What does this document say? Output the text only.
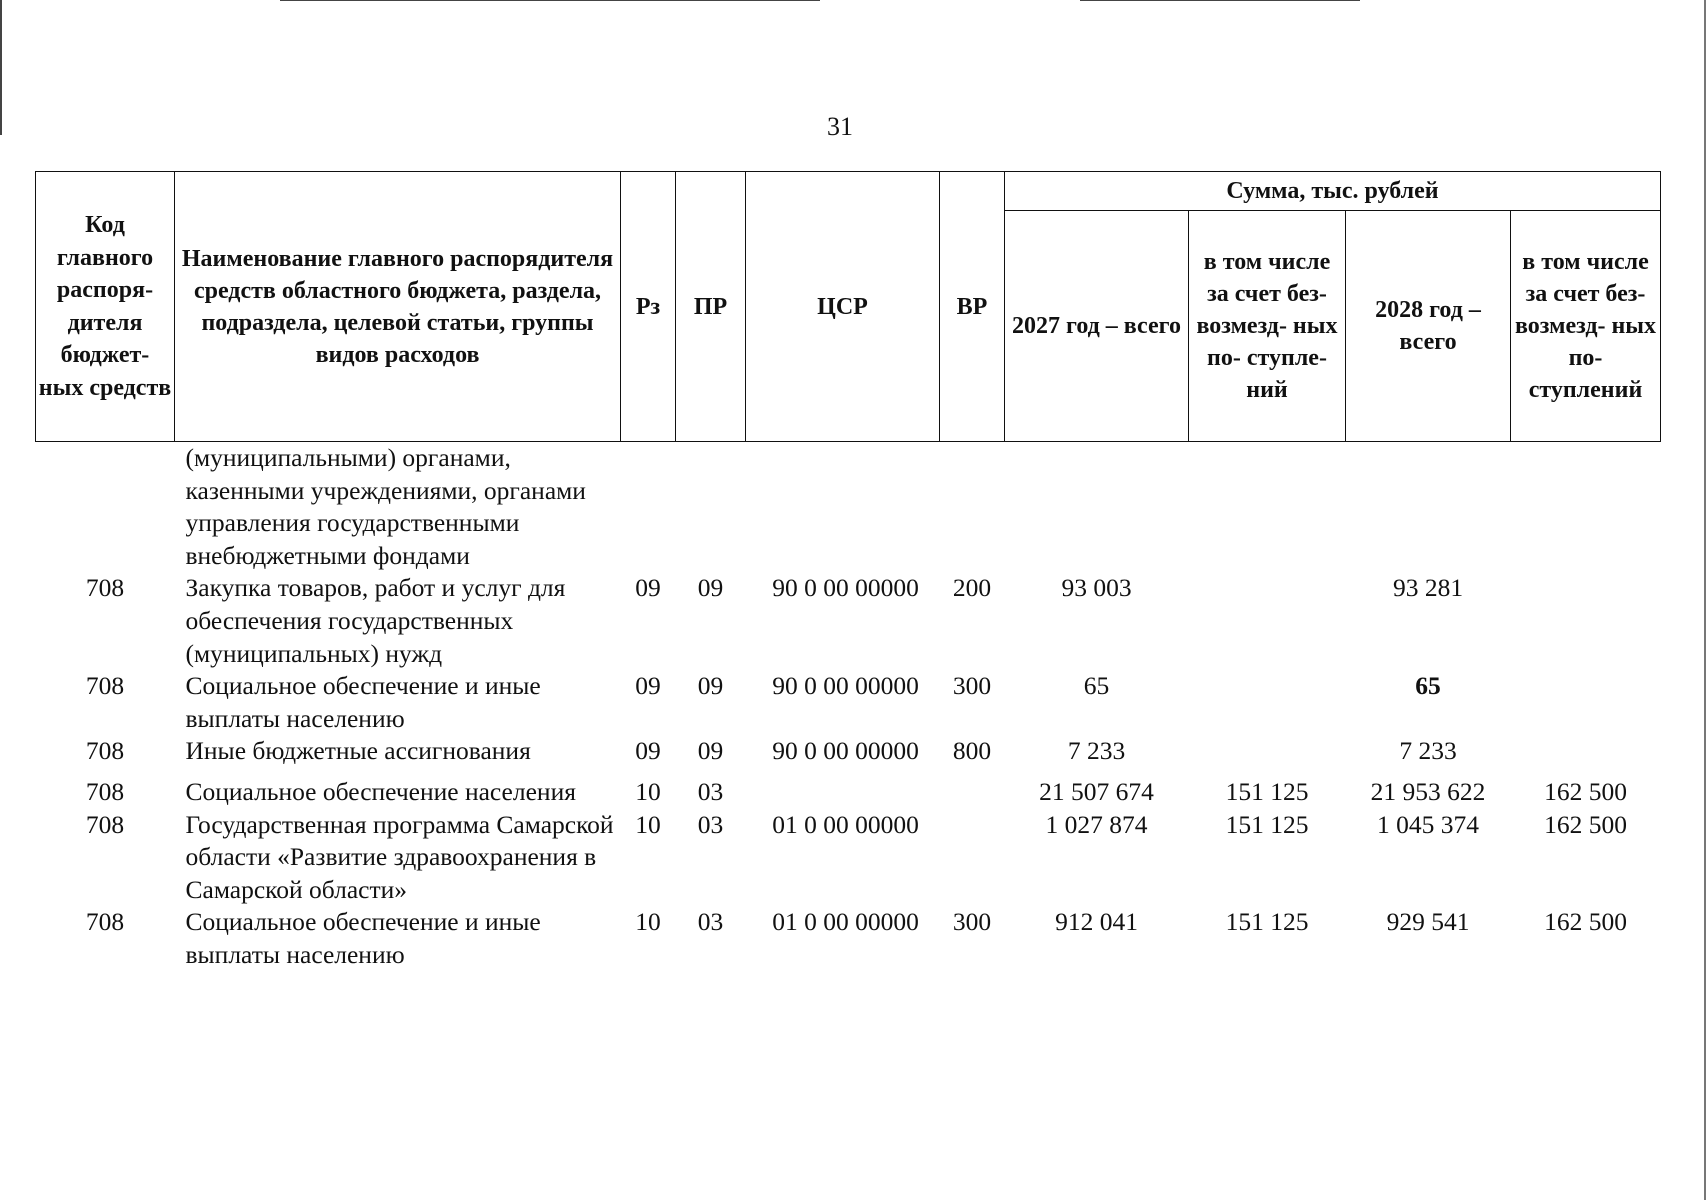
31
Код главного распоря- дителя бюджет- ных средств	Наименование главного распорядителя средств областного бюджета, раздела, подраздела, целевой статьи, группы видов расходов	Рз	ПР	ЦСР	ВР	Сумма, тыс. рублей			
						2027 год – всего	в том числе за счет без- возмезд- ных по- ступле- ний	2028 год – всего	в том числе за счет без- возмезд- ных по- ступлений
	(муниципальными) органами, казенными учреждениями, органами управления государственными внебюджетными фондами								
708	Закупка товаров, работ и услуг для обеспечения государственных (муниципальных) нужд	09	09	90 0 00 00000	200	93 003		93 281	
708	Социальное обеспечение и иные выплаты населению	09	09	90 0 00 00000	300	65		65	
708	Иные бюджетные ассигнования	09	09	90 0 00 00000	800	7 233		7 233	
708	Социальное обеспечение населения	10	03			21 507 674	151 125	21 953 622	162 500
708	Государственная программа Самарской области «Развитие здравоохранения в Самарской области»	10	03	01 0 00 00000		1 027 874	151 125	1 045 374	162 500
708	Социальное обеспечение и иные выплаты населению	10	03	01 0 00 00000	300	912 041	151 125	929 541	162 500
